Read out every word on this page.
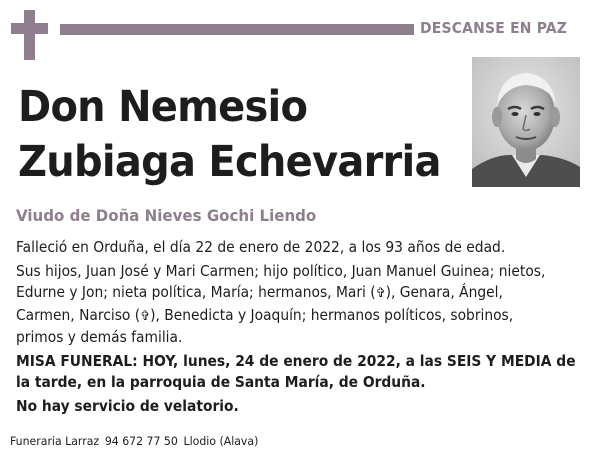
DESCANSE EN PAZ
Don Nemesio
Zubiaga Echevarria
Viudo de Doña Nieves Gochi Liendo

Falleció en Orduña, el día 22 de enero de 2022, a los 93 años de edad.

Sus hijos, Juan José y Mari Carmen; hijo político, Juan Manuel Guinea; nietos,
Edurne y Jon; nieta política, María; hermanos, Mari (✞), Genara, Ángel,
Carmen, Narciso (✞), Benedicta y Joaquín; hermanos políticos, sobrinos,
primos y demás familia.

MISA FUNERAL: HOY, lunes, 24 de enero de 2022, a las SEIS Y MEDIA de
la tarde, en la parroquia de Santa María, de Orduña.

No hay servicio de velatorio.

Funeraria Larraz 94 672 77 50 Llodio (Alava)
